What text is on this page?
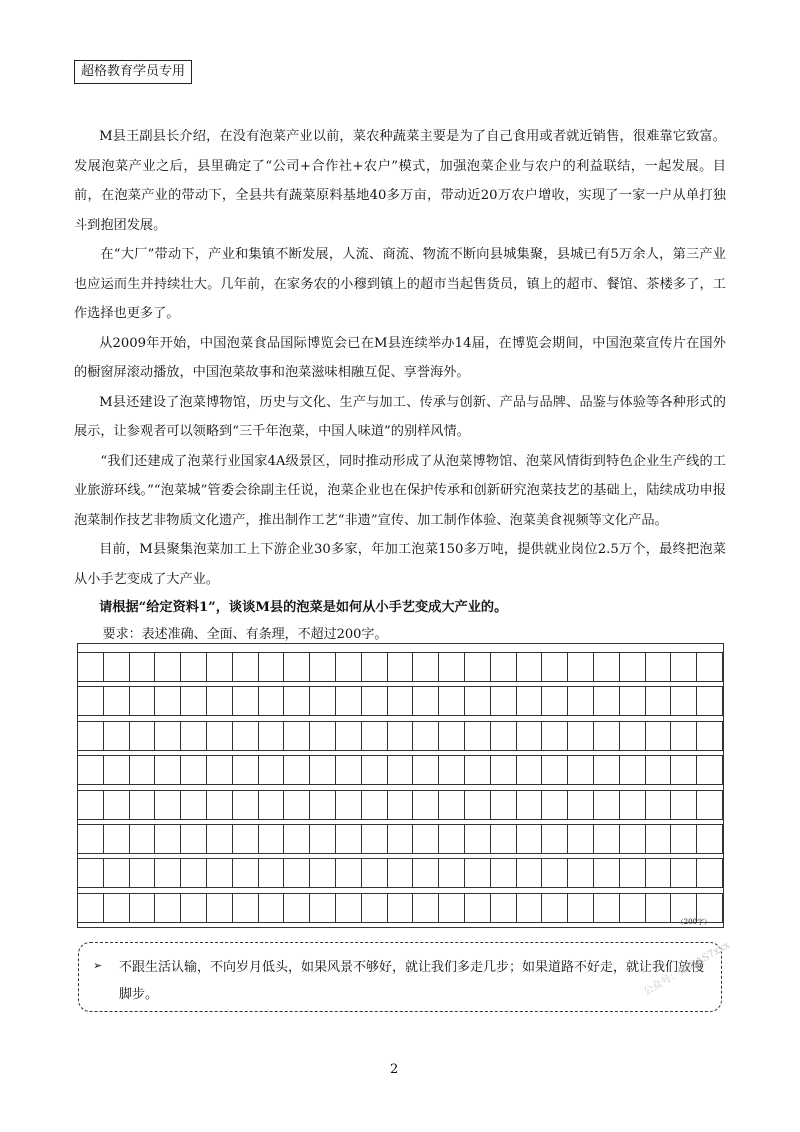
超格教育学员专用

M县王副县长介绍，在没有泡菜产业以前，菜农种蔬菜主要是为了自己食用或者就近销售，很难靠它致富。发展泡菜产业之后，县里确定了“公司+合作社+农户”模式，加强泡菜企业与农户的利益联结，一起发展。目前，在泡菜产业的带动下，全县共有蔬菜原料基地40多万亩，带动近20万农户增收，实现了一家一户从单打独斗到抱团发展。

在“大厂”带动下，产业和集镇不断发展，人流、商流、物流不断向县城集聚，县城已有5万余人，第三产业也应运而生并持续壮大。几年前，在家务农的小穆到镇上的超市当起售货员，镇上的超市、餐馆、茶楼多了，工作选择也更多了。

从2009年开始，中国泡菜食品国际博览会已在M县连续举办14届，在博览会期间，中国泡菜宣传片在国外的橱窗屏滚动播放，中国泡菜故事和泡菜滋味相融互促、享誉海外。

M县还建设了泡菜博物馆，历史与文化、生产与加工、传承与创新、产品与品牌、品鉴与体验等各种形式的展示，让参观者可以领略到“三千年泡菜，中国人味道”的别样风情。

“我们还建成了泡菜行业国家4A级景区，同时推动形成了从泡菜博物馆、泡菜风情街到特色企业生产线的工业旅游环线。”“泡菜城”管委会徐副主任说，泡菜企业也在保护传承和创新研究泡菜技艺的基础上，陆续成功申报泡菜制作技艺非物质文化遗产，推出制作工艺“非遗”宣传、加工制作体验、泡菜美食视频等文化产品。

目前，M县聚集泡菜加工上下游企业30多家，年加工泡菜150多万吨，提供就业岗位2.5万个，最终把泡菜从小手艺变成了大产业。

请根据“给定资料1”，谈谈M县的泡菜是如何从小手艺变成大产业的。

要求：表述准确、全面、有条理，不超过200字。

（200字）
➢ 不跟生活认输，不向岁月低头，如果风景不够好，就让我们多走几步；如果道路不好走，就让我们放慢脚步。	公众号：微信AS7xxx
2
